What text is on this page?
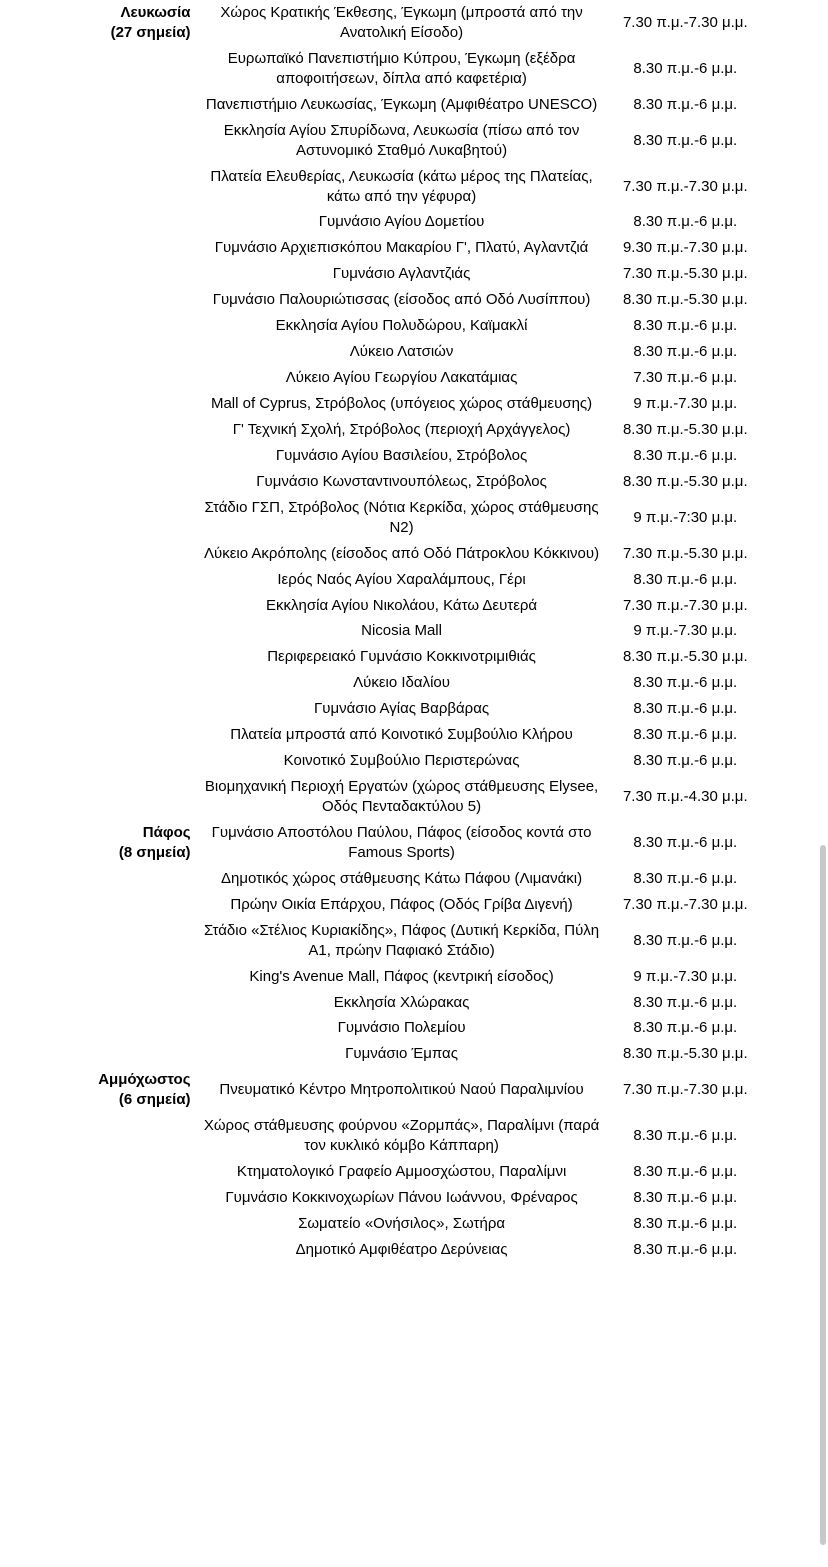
Λευκωσία
(27 σημεία)	Χώρος Κρατικής Έκθεσης, Έγκωμη (μπροστά από την Ανατολική Είσοδο)	7.30 π.μ.-7.30 μ.μ.
	Ευρωπαϊκό Πανεπιστήμιο Κύπρου, Έγκωμη (εξέδρα αποφοιτήσεων, δίπλα από καφετέρια)	8.30 π.μ.-6 μ.μ.
	Πανεπιστήμιο Λευκωσίας, Έγκωμη (Αμφιθέατρο UNESCO)	8.30 π.μ.-6 μ.μ.
	Εκκλησία Αγίου Σπυρίδωνα, Λευκωσία (πίσω από τον Αστυνομικό Σταθμό Λυκαβητού)	8.30 π.μ.-6 μ.μ.
	Πλατεία Ελευθερίας, Λευκωσία (κάτω μέρος της Πλατείας, κάτω από την γέφυρα)	7.30 π.μ.-7.30 μ.μ.
	Γυμνάσιο Αγίου Δομετίου	8.30 π.μ.-6 μ.μ.
	Γυμνάσιο Αρχιεπισκόπου Μακαρίου Γ', Πλατύ, Αγλαντζιά	9.30 π.μ.-7.30 μ.μ.
	Γυμνάσιο Αγλαντζιάς	7.30 π.μ.-5.30 μ.μ.
	Γυμνάσιο Παλουριώτισσας (είσοδος από Οδό Λυσίππου)	8.30 π.μ.-5.30 μ.μ.
	Εκκλησία Αγίου Πολυδώρου, Καϊμακλί	8.30 π.μ.-6 μ.μ.
	Λύκειο Λατσιών	8.30 π.μ.-6 μ.μ.
	Λύκειο Αγίου Γεωργίου Λακατάμιας	7.30 π.μ.-6 μ.μ.
	Mall of Cyprus, Στρόβολος (υπόγειος χώρος στάθμευσης)	9 π.μ.-7.30 μ.μ.
	Γ' Τεχνική Σχολή, Στρόβολος (περιοχή Αρχάγγελος)	8.30 π.μ.-5.30 μ.μ.
	Γυμνάσιο Αγίου Βασιλείου, Στρόβολος	8.30 π.μ.-6 μ.μ.
	Γυμνάσιο Κωνσταντινουπόλεως, Στρόβολος	8.30 π.μ.-5.30 μ.μ.
	Στάδιο ΓΣΠ, Στρόβολος (Νότια Κερκίδα, χώρος στάθμευσης Ν2)	9 π.μ.-7:30 μ.μ.
	Λύκειο Ακρόπολης (είσοδος από Οδό Πάτροκλου Κόκκινου)	7.30 π.μ.-5.30 μ.μ.
	Ιερός Ναός Αγίου Χαραλάμπους, Γέρι	8.30 π.μ.-6 μ.μ.
	Εκκλησία Αγίου Νικολάου, Κάτω Δευτερά	7.30 π.μ.-7.30 μ.μ.
	Nicosia Mall	9 π.μ.-7.30 μ.μ.
	Περιφερειακό Γυμνάσιο Κοκκινοτριμιθιάς	8.30 π.μ.-5.30 μ.μ.
	Λύκειο Ιδαλίου	8.30 π.μ.-6 μ.μ.
	Γυμνάσιο Αγίας Βαρβάρας	8.30 π.μ.-6 μ.μ.
	Πλατεία μπροστά από Κοινοτικό Συμβούλιο Κλήρου	8.30 π.μ.-6 μ.μ.
	Κοινοτικό Συμβούλιο Περιστερώνας	8.30 π.μ.-6 μ.μ.
	Βιομηχανική Περιοχή Εργατών (χώρος στάθμευσης Elysee, Οδός Πενταδακτύλου 5)	7.30 π.μ.-4.30 μ.μ.

Πάφος
(8 σημεία)	Γυμνάσιο Αποστόλου Παύλου, Πάφος (είσοδος κοντά στο Famous Sports)	8.30 π.μ.-6 μ.μ.
	Δημοτικός χώρος στάθμευσης Κάτω Πάφου (Λιμανάκι)	8.30 π.μ.-6 μ.μ.
	Πρώην Οικία Επάρχου, Πάφος (Οδός Γρίβα Διγενή)	7.30 π.μ.-7.30 μ.μ.
	Στάδιο «Στέλιος Κυριακίδης», Πάφος (Δυτική Κερκίδα, Πύλη Α1, πρώην Παφιακό Στάδιο)	8.30 π.μ.-6 μ.μ.
	King's Avenue Mall, Πάφος (κεντρική είσοδος)	9 π.μ.-7.30 μ.μ.
	Εκκλησία Χλώρακας	8.30 π.μ.-6 μ.μ.
	Γυμνάσιο Πολεμίου	8.30 π.μ.-6 μ.μ.
	Γυμνάσιο Έμπας	8.30 π.μ.-5.30 μ.μ.

Αμμόχωστος
(6 σημεία)	Πνευματικό Κέντρο Μητροπολιτικού Ναού Παραλιμνίου	7.30 π.μ.-7.30 μ.μ.
	Χώρος στάθμευσης φούρνου «Ζορμπάς», Παραλίμνι (παρά τον κυκλικό κόμβο Κάππαρη)	8.30 π.μ.-6 μ.μ.
	Κτηματολογικό Γραφείο Αμμοσχώστου, Παραλίμνι	8.30 π.μ.-6 μ.μ.
	Γυμνάσιο Κοκκινοχωρίων Πάνου Ιωάννου, Φρέναρος	8.30 π.μ.-6 μ.μ.
	Σωματείο «Ονήσιλος», Σωτήρα	8.30 π.μ.-6 μ.μ.
	Δημοτικό Αμφιθέατρο Δερύνειας	8.30 π.μ.-6 μ.μ.
